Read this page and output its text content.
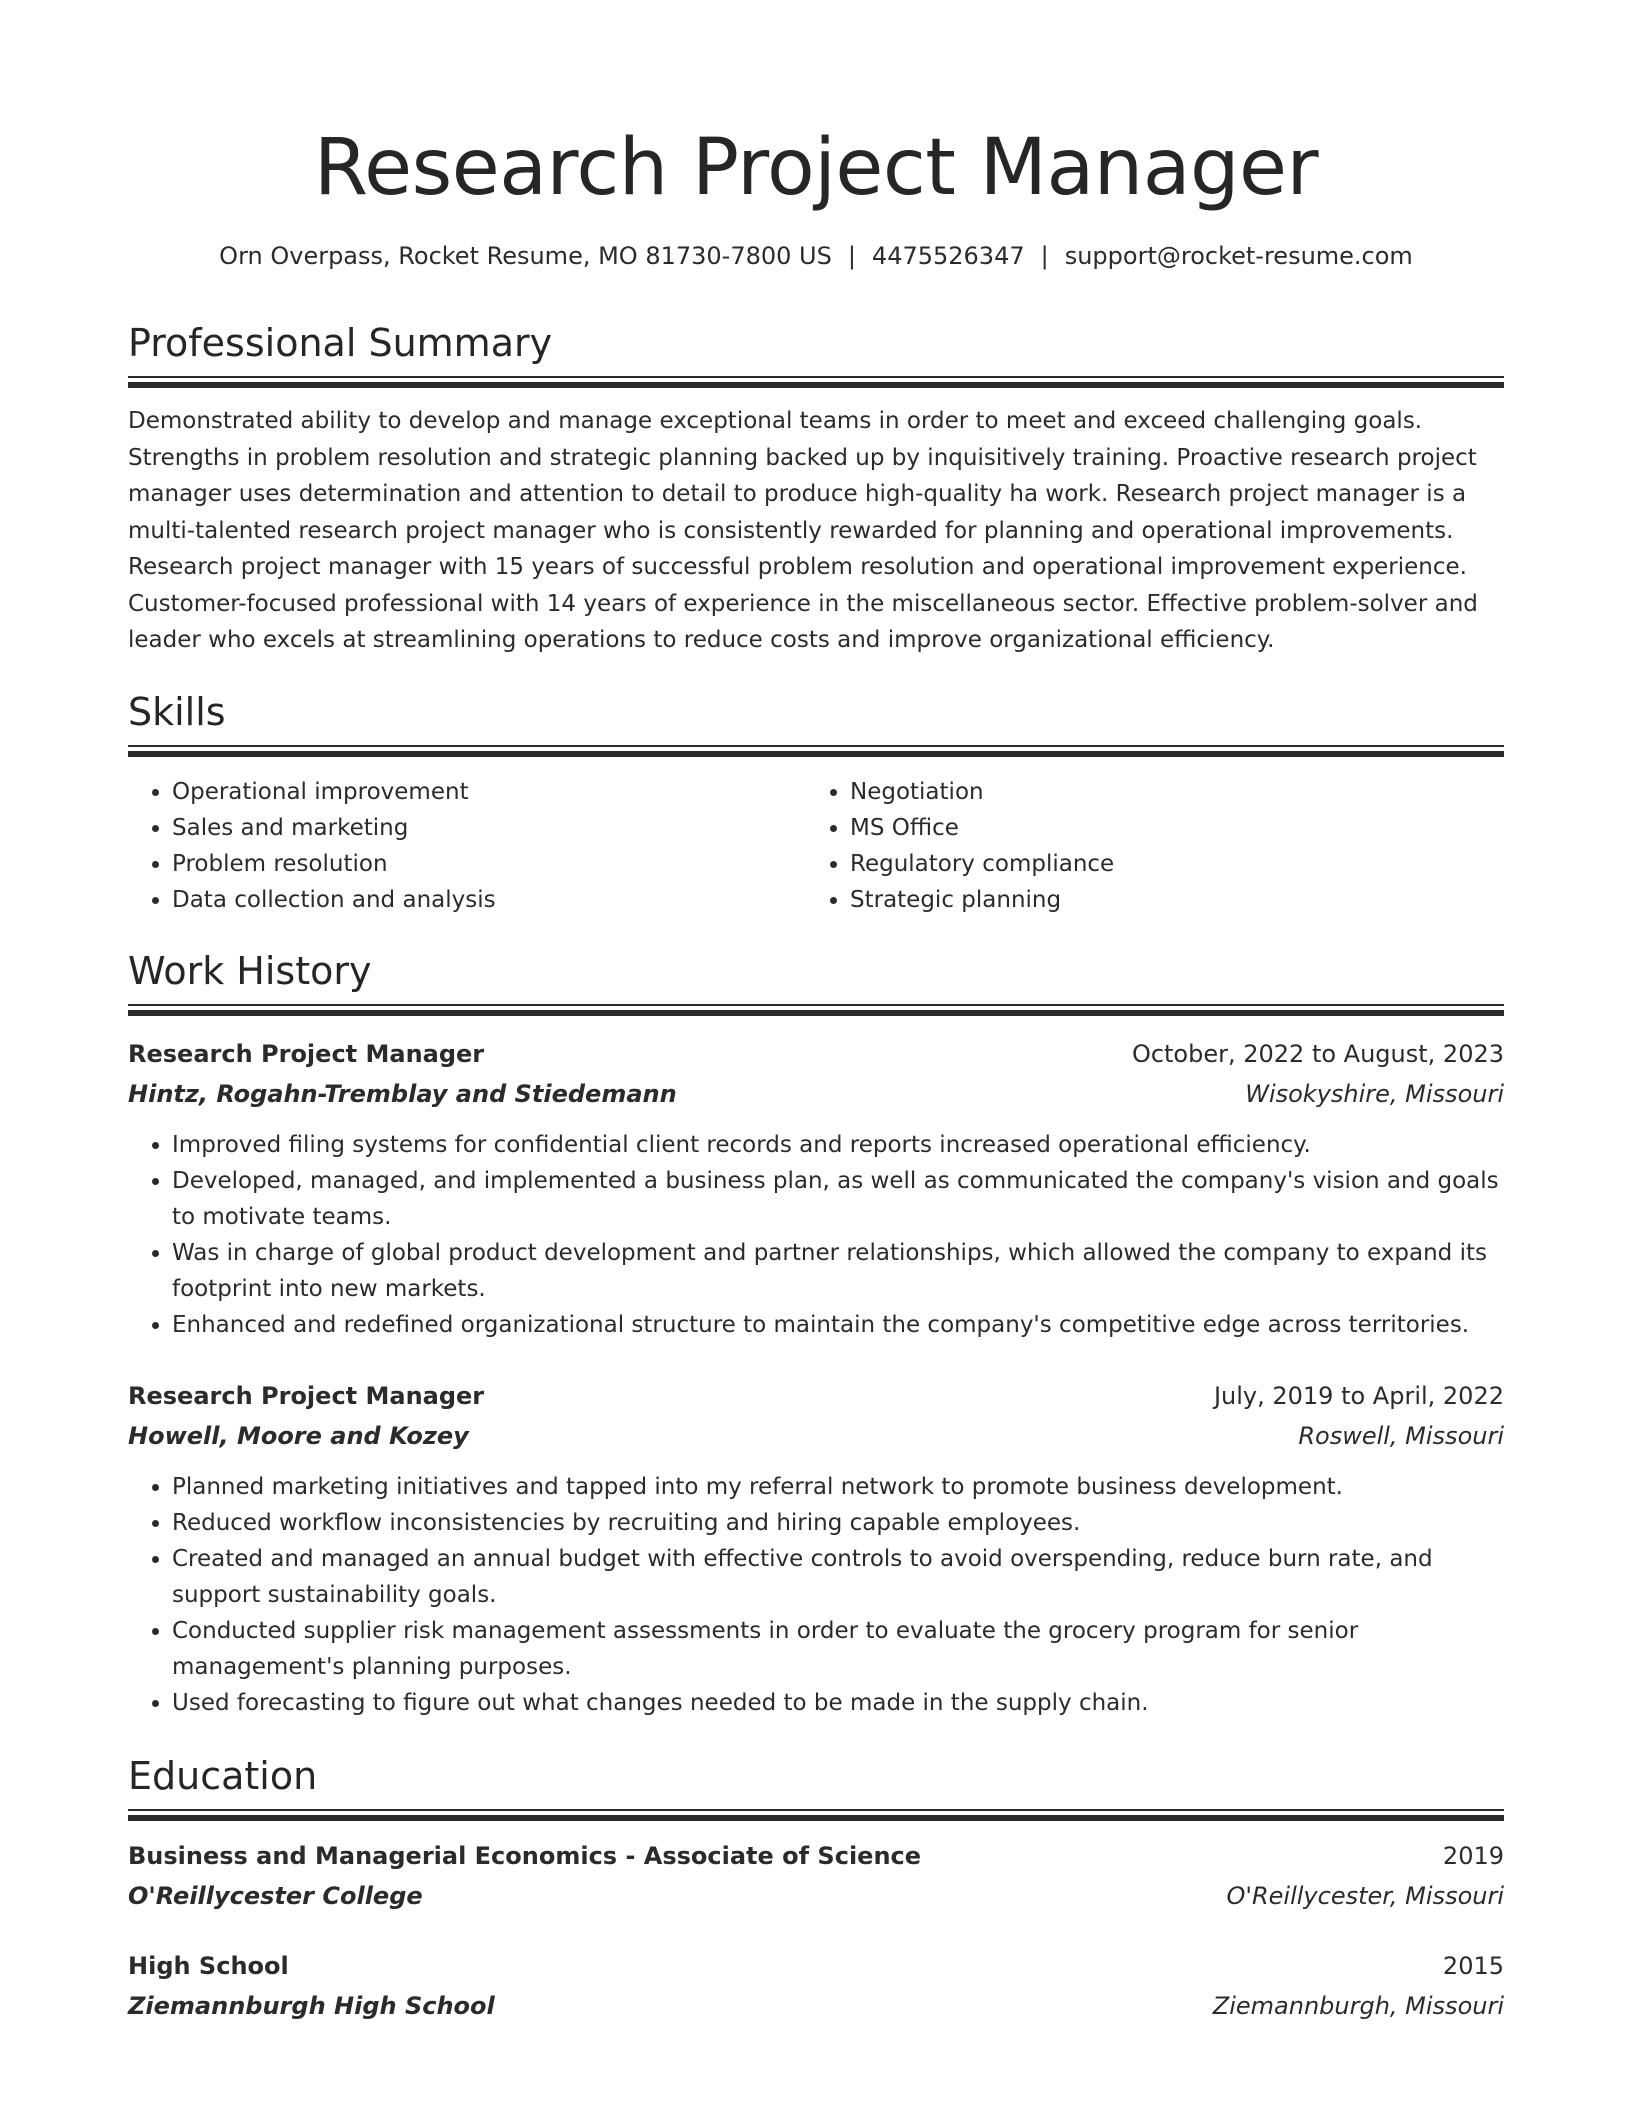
Research Project Manager
Orn Overpass, Rocket Resume, MO 81730-7800 US | 4475526347 | support@rocket-resume.com
Professional Summary
Demonstrated ability to develop and manage exceptional teams in order to meet and exceed challenging goals.
Strengths in problem resolution and strategic planning backed up by inquisitively training. Proactive research project
manager uses determination and attention to detail to produce high-quality ha work. Research project manager is a
multi-talented research project manager who is consistently rewarded for planning and operational improvements.
Research project manager with 15 years of successful problem resolution and operational improvement experience.
Customer-focused professional with 14 years of experience in the miscellaneous sector. Effective problem-solver and
leader who excels at streamlining operations to reduce costs and improve organizational efficiency.
Skills
• Operational improvement
• Sales and marketing
• Problem resolution
• Data collection and analysis
• Negotiation
• MS Office
• Regulatory compliance
• Strategic planning
Work History
Research Project Manager	October, 2022 to August, 2023
Hintz, Rogahn-Tremblay and Stiedemann	Wisokyshire, Missouri
• Improved filing systems for confidential client records and reports increased operational efficiency.
• Developed, managed, and implemented a business plan, as well as communicated the company's vision and goals to motivate teams.
• Was in charge of global product development and partner relationships, which allowed the company to expand its footprint into new markets.
• Enhanced and redefined organizational structure to maintain the company's competitive edge across territories.
Research Project Manager	July, 2019 to April, 2022
Howell, Moore and Kozey	Roswell, Missouri
• Planned marketing initiatives and tapped into my referral network to promote business development.
• Reduced workflow inconsistencies by recruiting and hiring capable employees.
• Created and managed an annual budget with effective controls to avoid overspending, reduce burn rate, and support sustainability goals.
• Conducted supplier risk management assessments in order to evaluate the grocery program for senior management's planning purposes.
• Used forecasting to figure out what changes needed to be made in the supply chain.
Education
Business and Managerial Economics - Associate of Science	2019
O'Reillycester College	O'Reillycester, Missouri
High School	2015
Ziemannburgh High School	Ziemannburgh, Missouri
